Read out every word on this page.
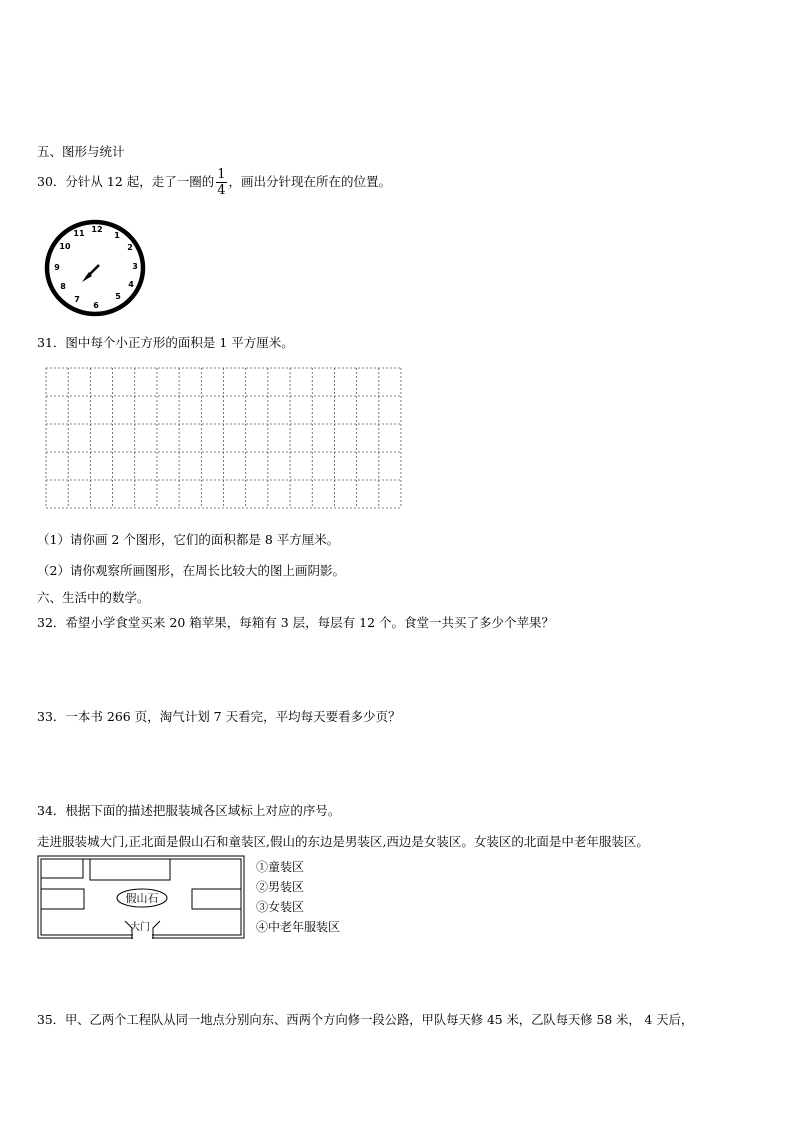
五、图形与统计
30．分针从 12 起，走了一圈的 $\frac{1}{4}$ ，画出分针现在所在的位置。
12
1
2
3
4
5
6
7
8
9
10
11
31．图中每个小正方形的面积是 1 平方厘米。
（1）请你画 2 个图形，它们的面积都是 8 平方厘米。
（2）请你观察所画图形，在周长比较大的图上画阴影。
六、生活中的数学。
32．希望小学食堂买来 20 箱苹果，每箱有 3 层，每层有 12 个。食堂一共买了多少个苹果？
33．一本书 266 页，淘气计划 7 天看完，平均每天要看多少页？
34．根据下面的描述把服装城各区域标上对应的序号。
走进服装城大门,正北面是假山石和童装区,假山的东边是男装区,西边是女装区。女装区的北面是中老年服装区。
假山石
大门
①童装区
②男装区
③女装区
④中老年服装区
35．甲、乙两个工程队从同一地点分别向东、西两个方向修一段公路，甲队每天修 45 米，乙队每天修 58 米， 4 天后，
